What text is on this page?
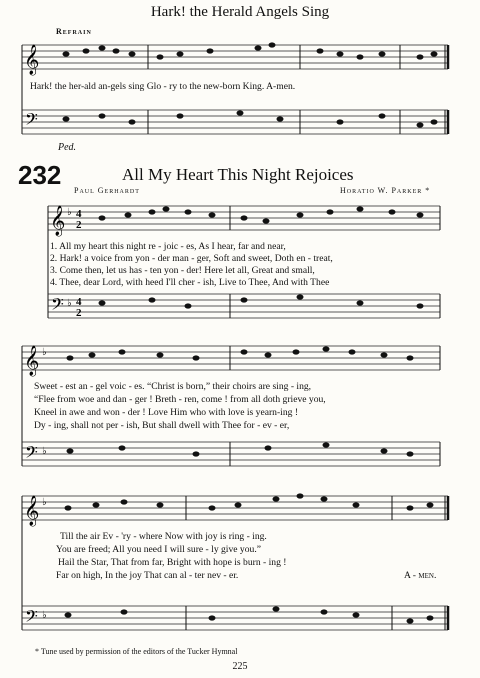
𝄞
𝄢
𝄞 ♭ 4
2
𝄢 ♭ 4
2
𝄞 ♭
𝄢 ♭
𝄞 ♭
𝄢 ♭
Hark! the Herald Angels Sing
Refrain
Hark! the her-ald an-gels sing Glo - ry to the new-born King. A-men.
Ped.
232	All My Heart This Night Rejoices
Paul Gerhardt	Horatio W. Parker *
1. All my heart this night re - joic - es, As I hear, far and near,
2. Hark! a voice from yon - der man - ger, Soft and sweet, Doth en - treat,
3. Come then, let us has - ten yon - der! Here let all, Great and small,
4. Thee, dear Lord, with heed I'll cher - ish, Live to Thee, And with Thee
Sweet - est an - gel voic - es. “Christ is born,” their choirs are sing - ing,
“Flee from woe and dan - ger ! Breth - ren, come ! from all doth grieve you,
Kneel in awe and won - der ! Love Him who with love is yearn-ing !
Dy - ing, shall not per - ish, But shall dwell with Thee for - ev - er,
Till the air Ev - 'ry - where Now with joy is ring - ing.
You are freed; All you need I will sure - ly give you.”
Hail the Star, That from far, Bright with hope is burn - ing !
Far on high, In the joy That can al - ter nev - er.	A - men.
* Tune used by permission of the editors of the Tucker Hymnal
225
